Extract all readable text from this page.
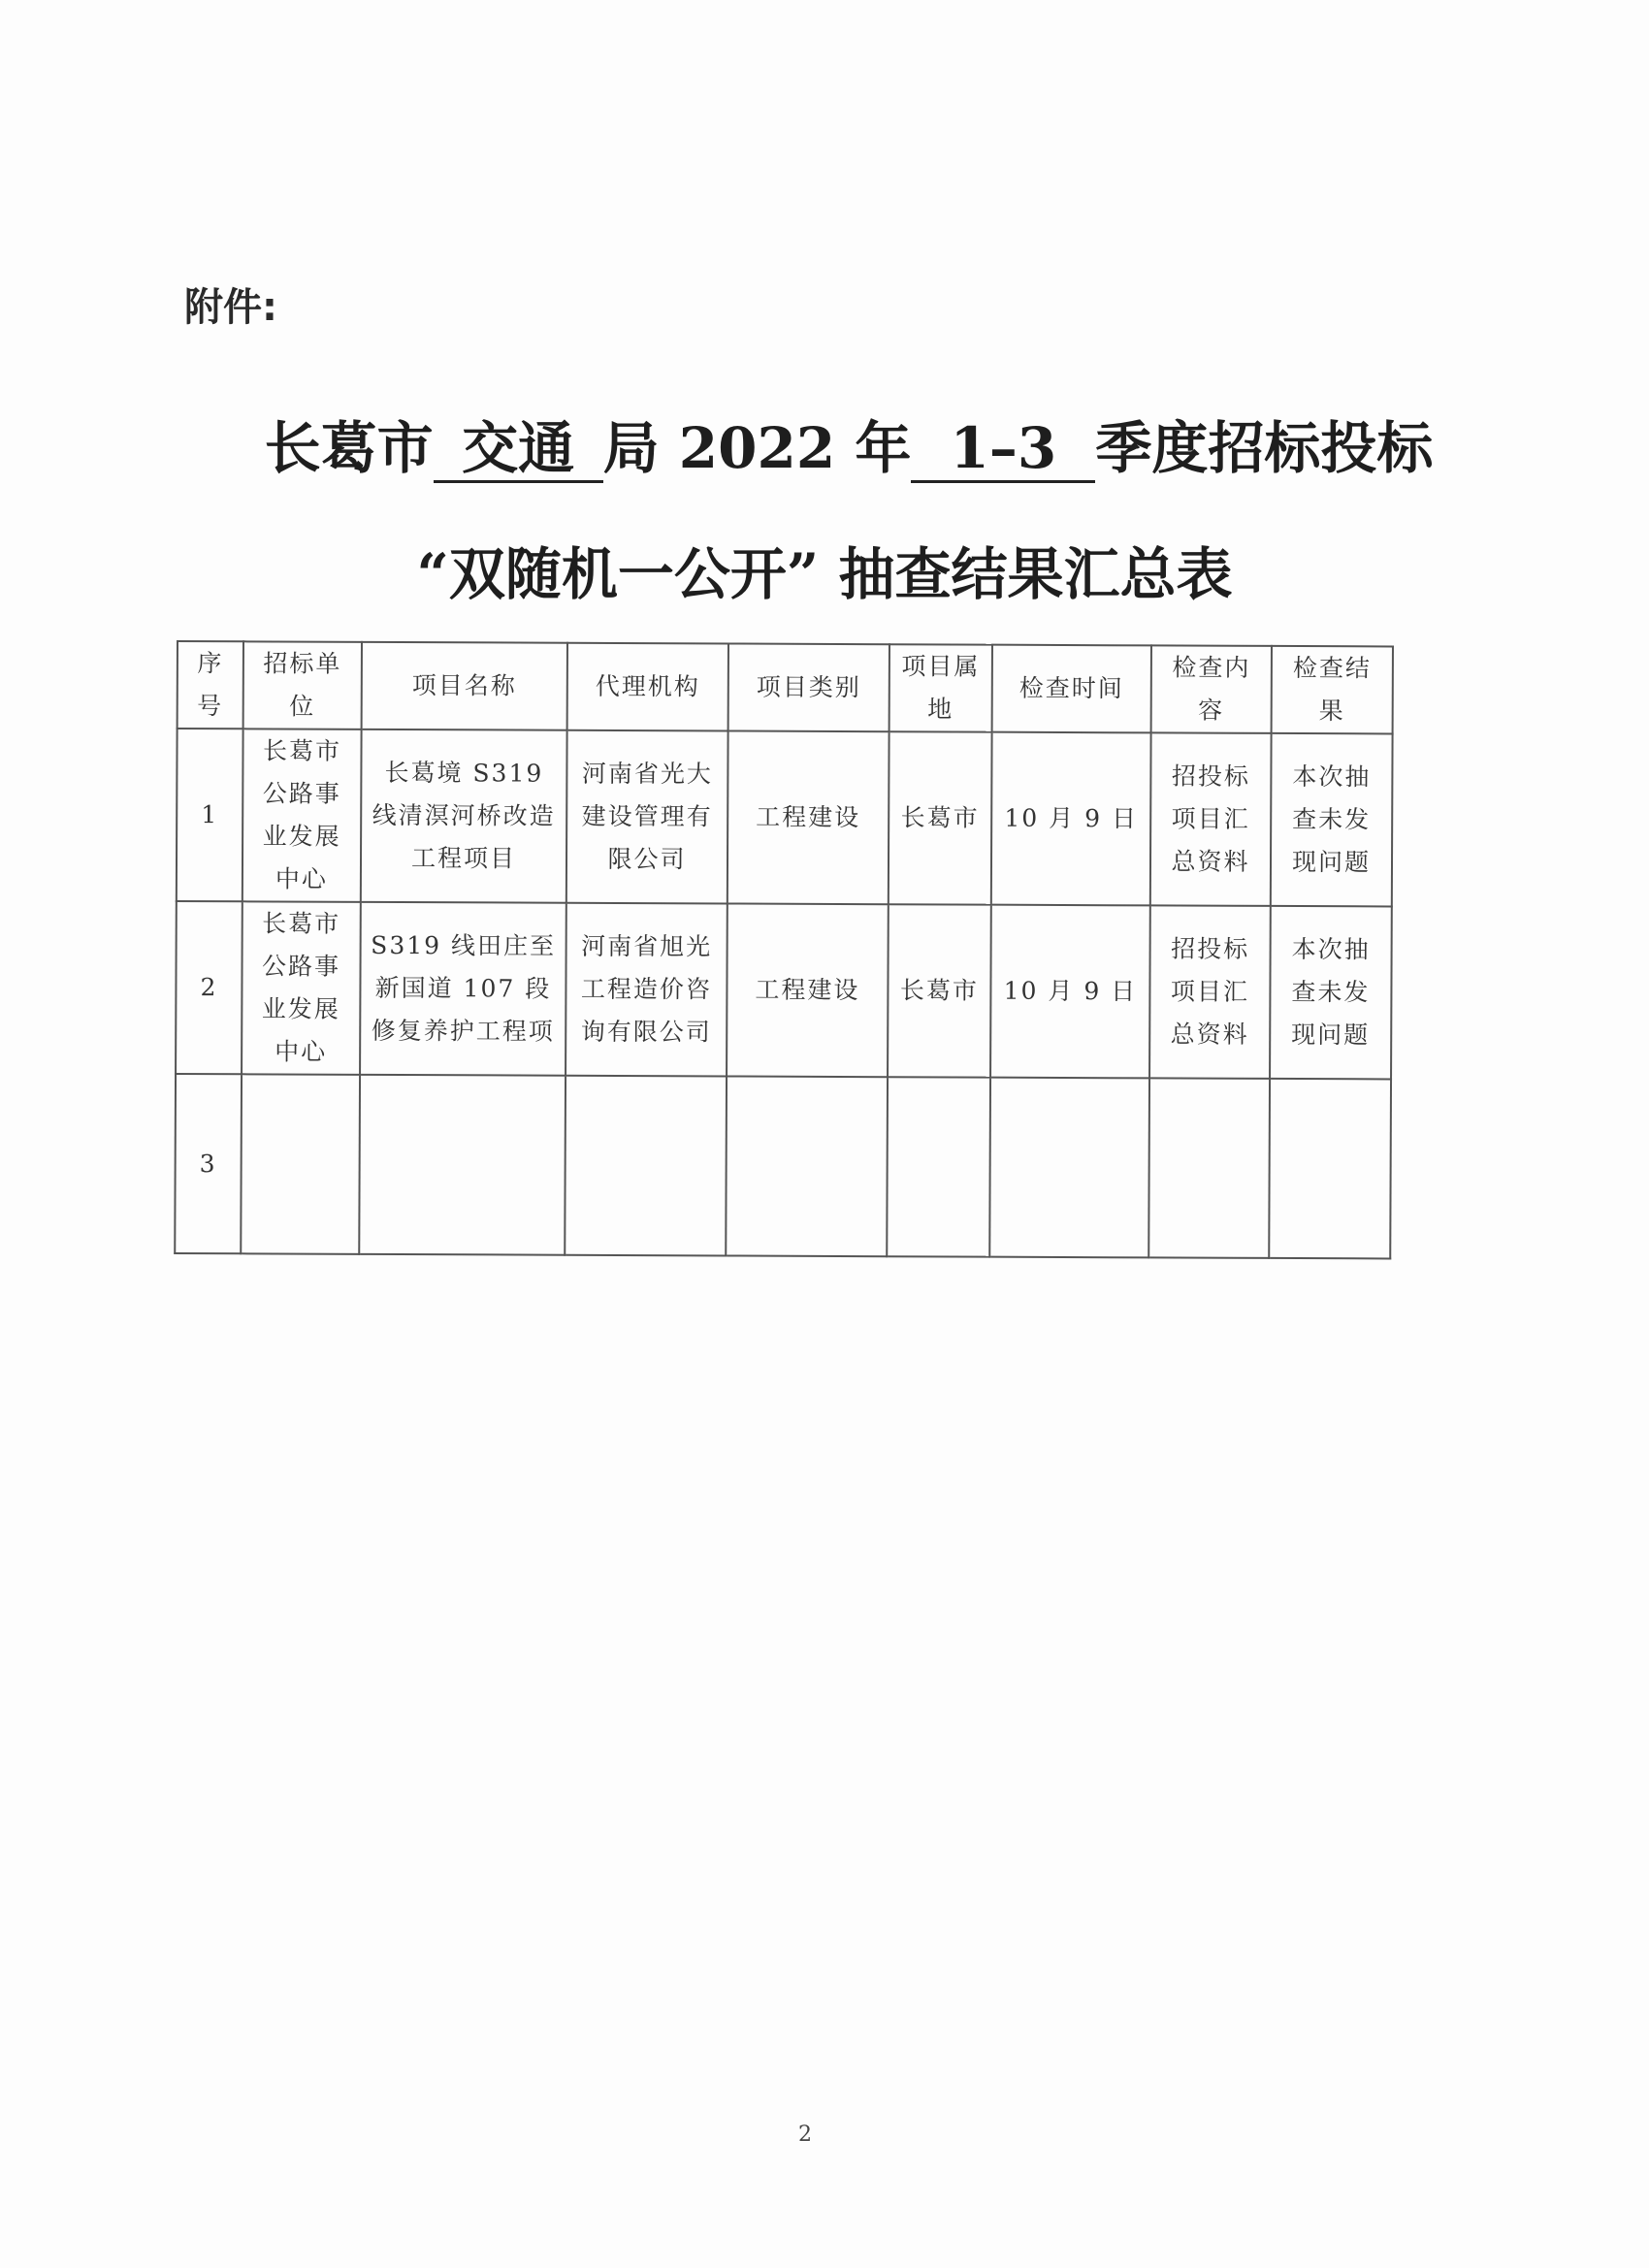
附件:
长葛市 交通 局 2022 年 1–3 季度招标投标
“双随机一公开” 抽查结果汇总表
序号	招标单位	项目名称	代理机构	项目类别	项目属地	检查时间	检查内容	检查结果
1	长葛市公路事业发展中心	长葛境 S319 线清溟河桥改造工程项目	河南省光大建设管理有限公司	工程建设	长葛市	10 月 9 日	招投标项目汇总资料	本次抽查未发现问题
2	长葛市公路事业发展中心	S319 线田庄至新国道 107 段修复养护工程项	河南省旭光工程造价咨询有限公司	工程建设	长葛市	10 月 9 日	招投标项目汇总资料	本次抽查未发现问题
3								
2
